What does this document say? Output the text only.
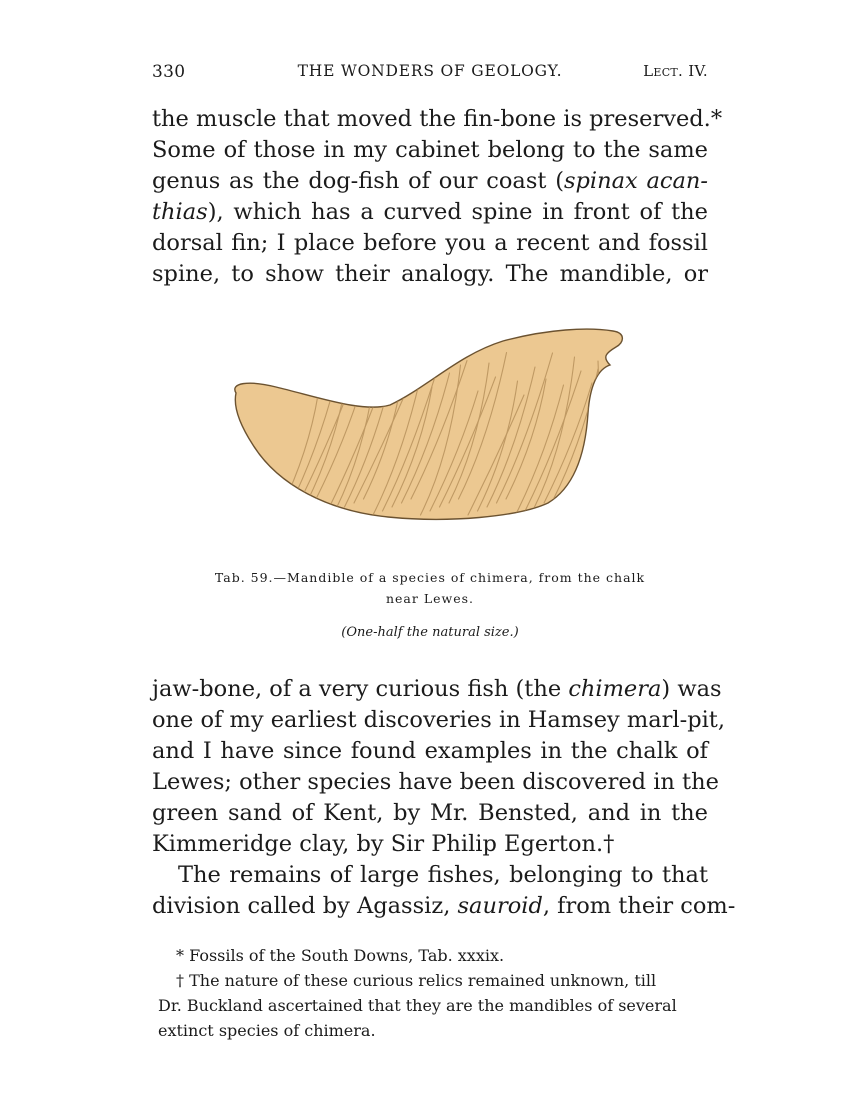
330	THE WONDERS OF GEOLOGY.	Lect. IV.
the muscle that moved the fin-bone is preserved.*
Some of those in my cabinet belong to the same
genus as the dog-fish of our coast (spinax acan-
thias), which has a curved spine in front of the
dorsal fin; I place before you a recent and fossil
spine, to show their analogy. The mandible, or
Tab. 59.—Mandible of a species of chimera, from the chalk
near Lewes.
(One-half the natural size.)
jaw-bone, of a very curious fish (the chimera) was
one of my earliest discoveries in Hamsey marl-pit,
and I have since found examples in the chalk of
Lewes; other species have been discovered in the
green sand of Kent, by Mr. Bensted, and in the
Kimmeridge clay, by Sir Philip Egerton.†
The remains of large fishes, belonging to that
division called by Agassiz, sauroid, from their com-
* Fossils of the South Downs, Tab. xxxix.
† The nature of these curious relics remained unknown, till
Dr. Buckland ascertained that they are the mandibles of several
extinct species of chimera.
